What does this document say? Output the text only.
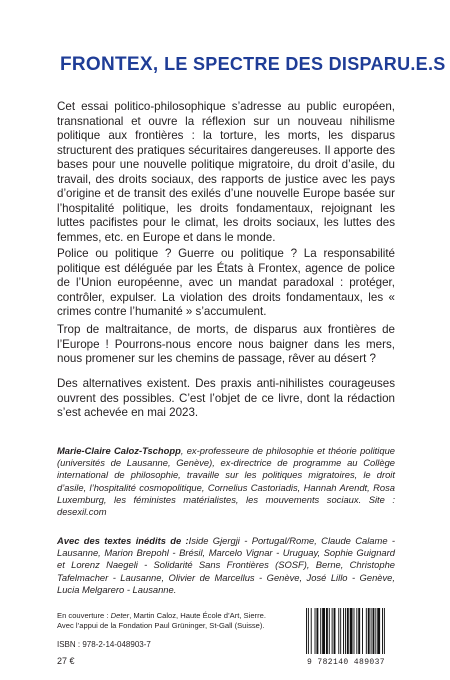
FRONTEX, LE SPECTRE DES DISPARU.E.S

Cet essai politico-philosophique s’adresse au public européen, transnational et ouvre la réflexion sur un nouveau nihilisme politique aux frontières : la torture, les morts, les disparus structurent des pratiques sécuritaires dangereuses. Il apporte des bases pour une nouvelle politique migratoire, du droit d’asile, du travail, des droits sociaux, des rapports de justice avec les pays d’origine et de transit des exilés d’une nouvelle Europe basée sur l’hospitalité politique, les droits fondamentaux, rejoignant les luttes pacifistes pour le climat, les droits sociaux, les luttes des femmes, etc. en Europe et dans le monde.

Police ou politique ? Guerre ou politique ? La responsabilité politique est déléguée par les États à Frontex, agence de police de l’Union européenne, avec un mandat paradoxal : protéger, contrôler, expulser. La violation des droits fondamentaux, les « crimes contre l’humanité » s’accumulent.

Trop de maltraitance, de morts, de disparus aux frontières de l’Europe ! Pourrons-nous encore nous baigner dans les mers, nous promener sur les chemins de passage, rêver au désert ?

Des alternatives existent. Des praxis anti-nihilistes courageuses ouvrent des possibles. C’est l’objet de ce livre, dont la rédaction s’est achevée en mai 2023.

Marie-Claire Caloz-Tschopp, ex-professeure de philosophie et théorie politique (universités de Lausanne, Genève), ex-directrice de programme au Collège international de philosophie, travaille sur les politiques migratoires, le droit d’asile, l’hospitalité cosmopolitique, Cornelius Castoriadis, Hannah Arendt, Rosa Luxemburg, les féministes matérialistes, les mouvements sociaux. Site : desexil.com

Avec des textes inédits de :Iside Gjergji - Portugal/Rome, Claude Calame - Lausanne, Marion Brepohl - Brésil, Marcelo Vignar - Uruguay, Sophie Guignard et Lorenz Naegeli - Solidarité Sans Frontières (SOSF), Berne, Christophe Tafelmacher - Lausanne, Olivier de Marcellus - Genève, José Lillo - Genève, Lucia Melgarero - Lausanne.

En couverture : Deter, Martin Caloz, Haute École d’Art, Sierre.
Avec l’appui de la Fondation Paul Grüninger, St-Gall (Suisse).
ISBN : 978-2-14-048903-7
27 €	9 782140 489037
